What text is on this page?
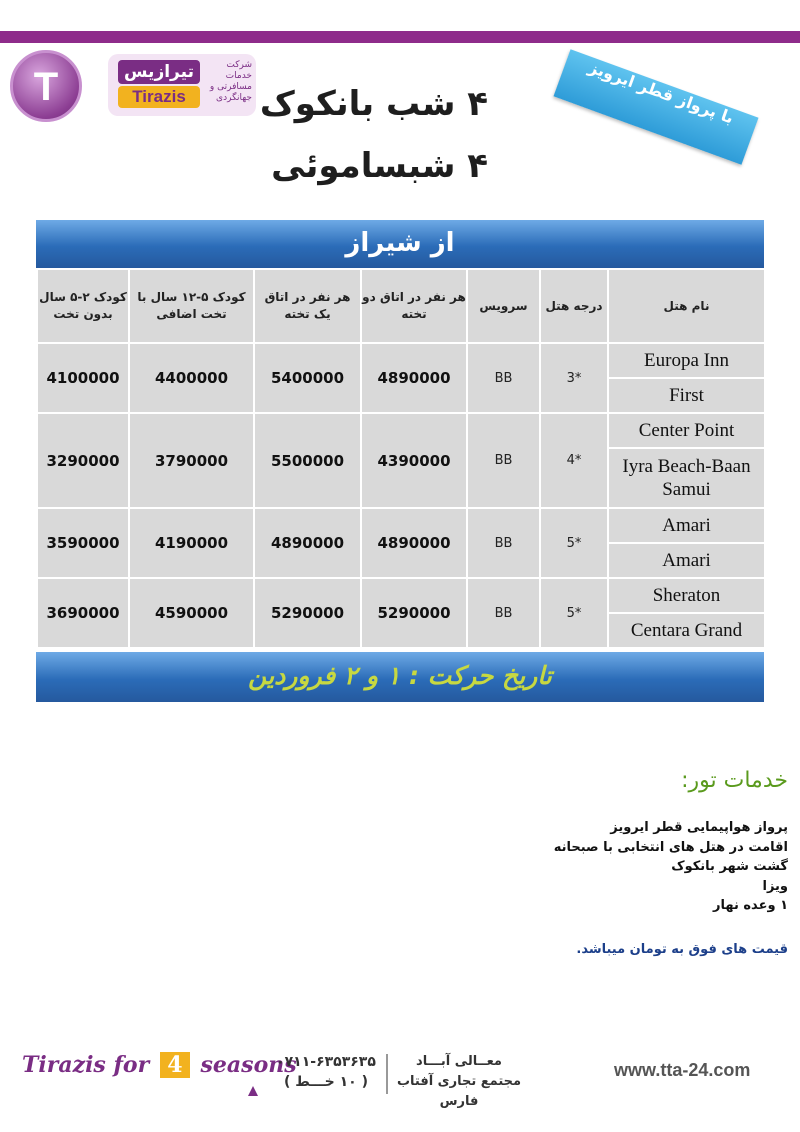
T	تیرازیس
Tirazis
شرکت خدمات مسافرتی و جهانگردی	با پرواز قطر ایرویز
۴ شب بانکوک
۴ شبساموئی
از شیراز
کودک ۲-۵ سال بدون تخت	کودک ۵-۱۲ سال با تخت اضافی	هر نفر در اتاق یک تخته	هر نفر در اتاق دو تخته	سرویس	درجه هتل	نام هتل
4100000	4400000	5400000	4890000	BB	3*	Europa Inn
						First
3290000	3790000	5500000	4390000	BB	4*	Center Point
						Iyra Beach-Baan Samui
3590000	4190000	4890000	4890000	BB	5*	Amari
						Amari
3690000	4590000	5290000	5290000	BB	5*	Sheraton
						Centara Grand
تاریخ حرکت : ۱ و ۲ فروردین
خدمات تور:
پرواز هواپیمایی قطر ایرویز
اقامت در هتل های انتخابی با صبحانه
گشت شهر بانکوک
ویزا
۱ وعده نهار
قیمت های فوق به تومان میباشد.
Tirazis for 4 seasons
۰۷۱۱-۶۳۵۳۶۳۵
( ۱۰ خـــط )
معــالی آبـــاد
مجتمع تجاری آفتاب فارس
www.tta-24.com
